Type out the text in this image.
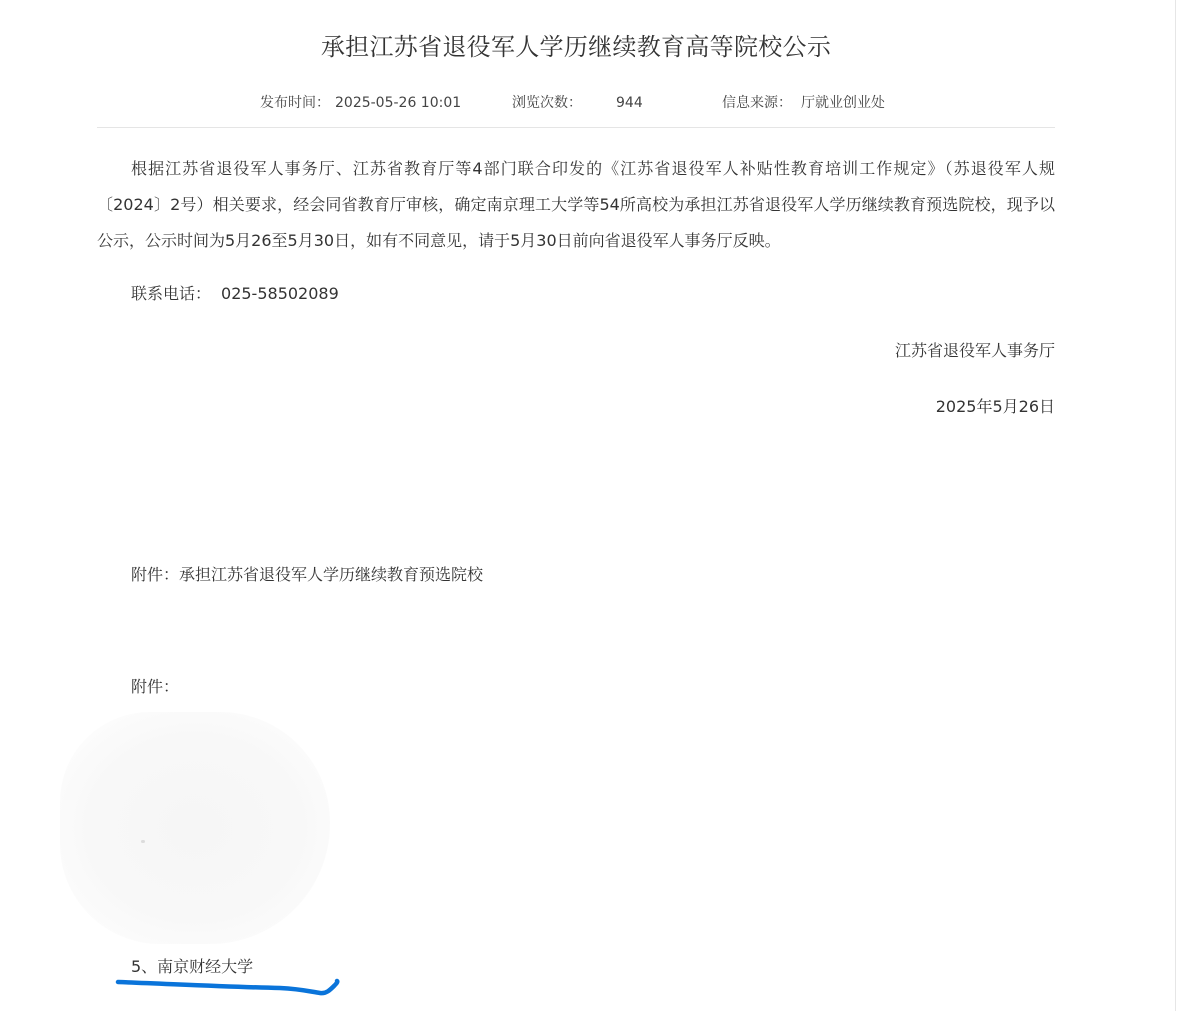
承担江苏省退役军人学历继续教育高等院校公示
发布时间： 2025-05-26 10:01	浏览次数： 944	信息来源： 厅就业创业处
根据江苏省退役军人事务厅、江苏省教育厅等4部门联合印发的《江苏省退役军人补贴性教育培训工作规定》（苏退役军人规〔2024〕2号）相关要求，经会同省教育厅审核，确定南京理工大学等54所高校为承担江苏省退役军人学历继续教育预选院校，现予以公示，公示时间为5月26至5月30日，如有不同意见，请于5月30日前向省退役军人事务厅反映。
联系电话： 025-58502089
江苏省退役军人事务厅
2025年5月26日
附件：承担江苏省退役军人学历继续教育预选院校
附件：
5、南京财经大学
